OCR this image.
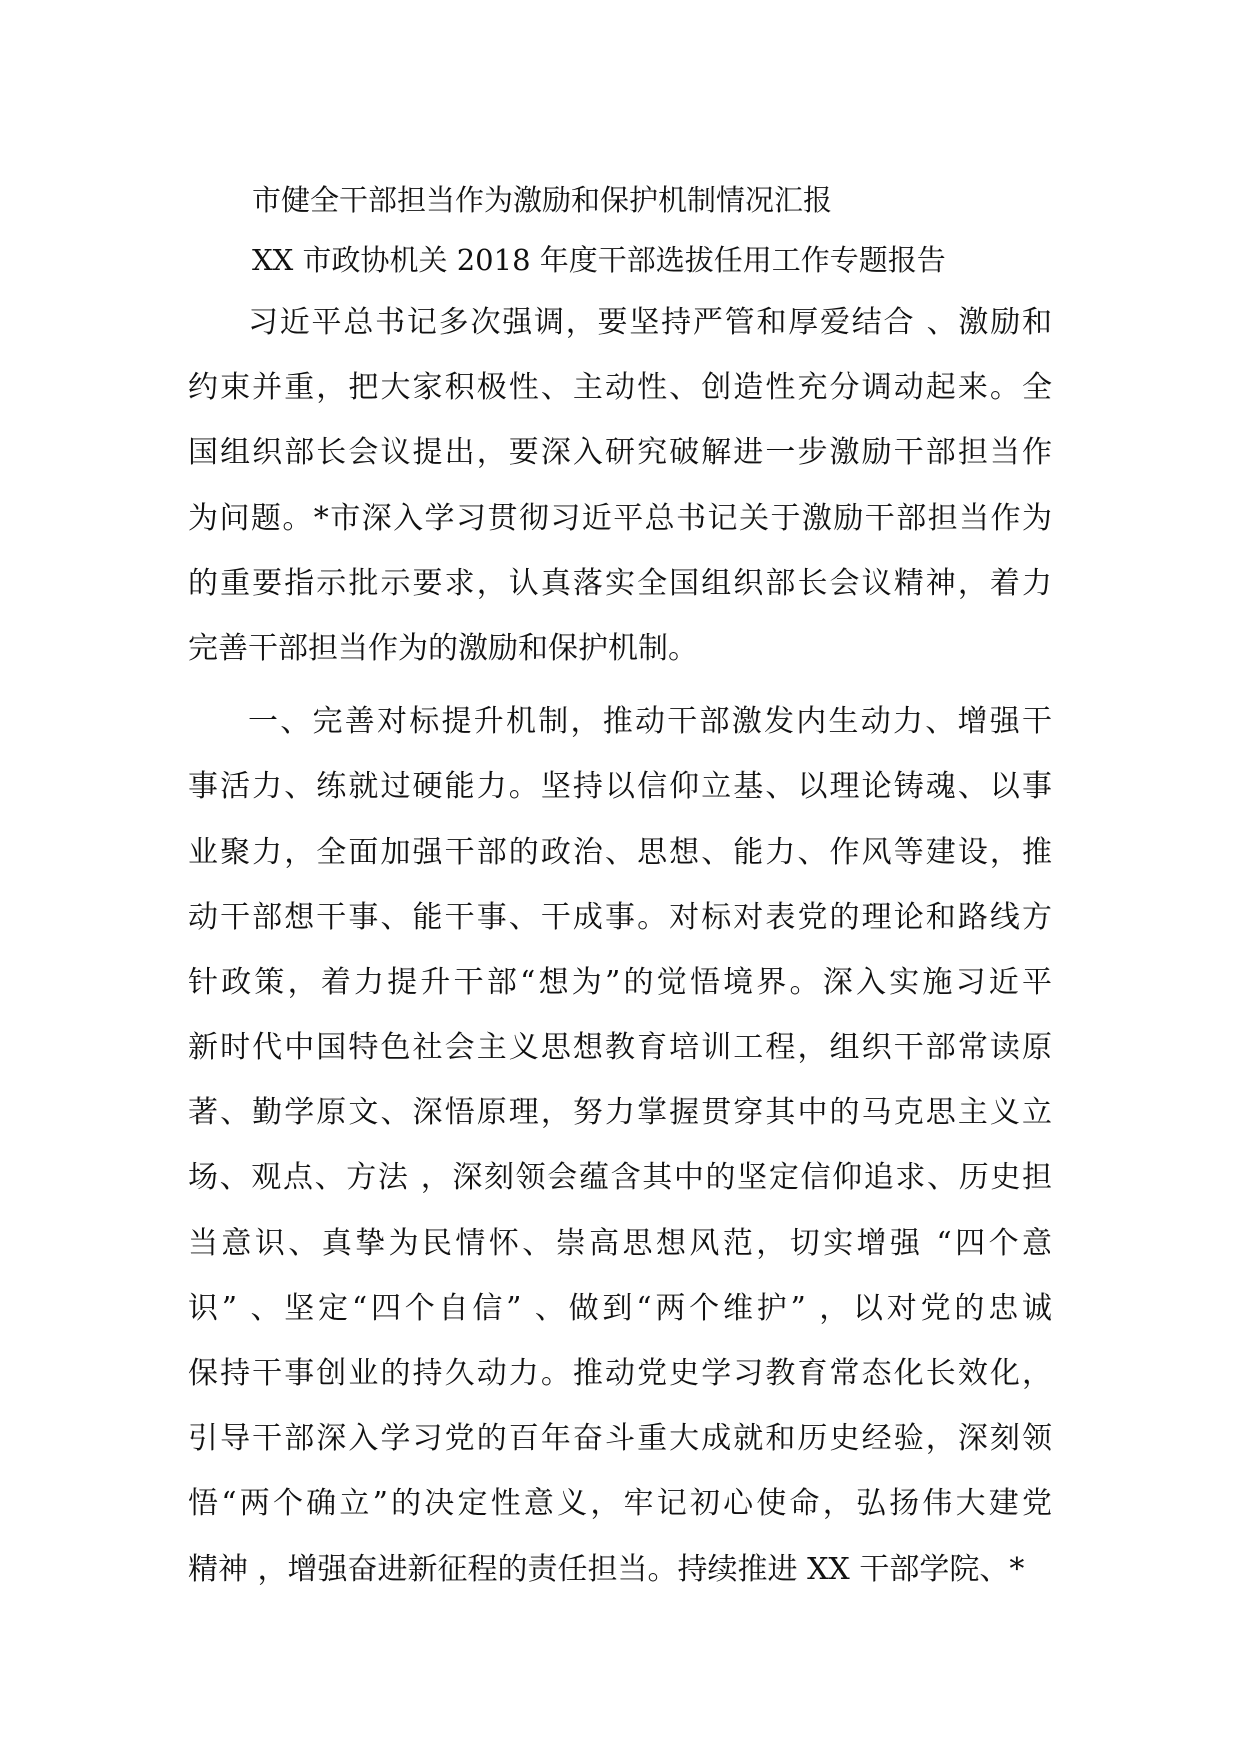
市健全干部担当作为激励和保护机制情况汇报
XX 市政协机关 2018 年度干部选拔任用工作专题报告
习近平总书记多次强调，要坚持严管和厚爱结合 、激励和
约束并重，把大家积极性、主动性、创造性充分调动起来。全
国组织部长会议提出，要深入研究破解进一步激励干部担当作
为问题。*市深入学习贯彻习近平总书记关于激励干部担当作为
的重要指示批示要求，认真落实全国组织部长会议精神，着力
完善干部担当作为的激励和保护机制。
一、完善对标提升机制，推动干部激发内生动力、增强干
事活力、练就过硬能力。坚持以信仰立基、以理论铸魂、以事
业聚力，全面加强干部的政治、思想、能力、作风等建设，推
动干部想干事、能干事、干成事。对标对表党的理论和路线方
针政策，着力提升干部“想为”的觉悟境界。深入实施习近平
新时代中国特色社会主义思想教育培训工程，组织干部常读原
著、勤学原文、深悟原理，努力掌握贯穿其中的马克思主义立
场、观点、方法 ，深刻领会蕴含其中的坚定信仰追求、历史担
当意识、真挚为民情怀、崇高思想风范，切实增强 “四个意
识” 、坚定“四个自信” 、做到“两个维护” ，以对党的忠诚
保持干事创业的持久动力。推动党史学习教育常态化长效化，
引导干部深入学习党的百年奋斗重大成就和历史经验，深刻领
悟“两个确立”的决定性意义，牢记初心使命，弘扬伟大建党
精神 ，增强奋进新征程的责任担当。持续推进 XX 干部学院、*
